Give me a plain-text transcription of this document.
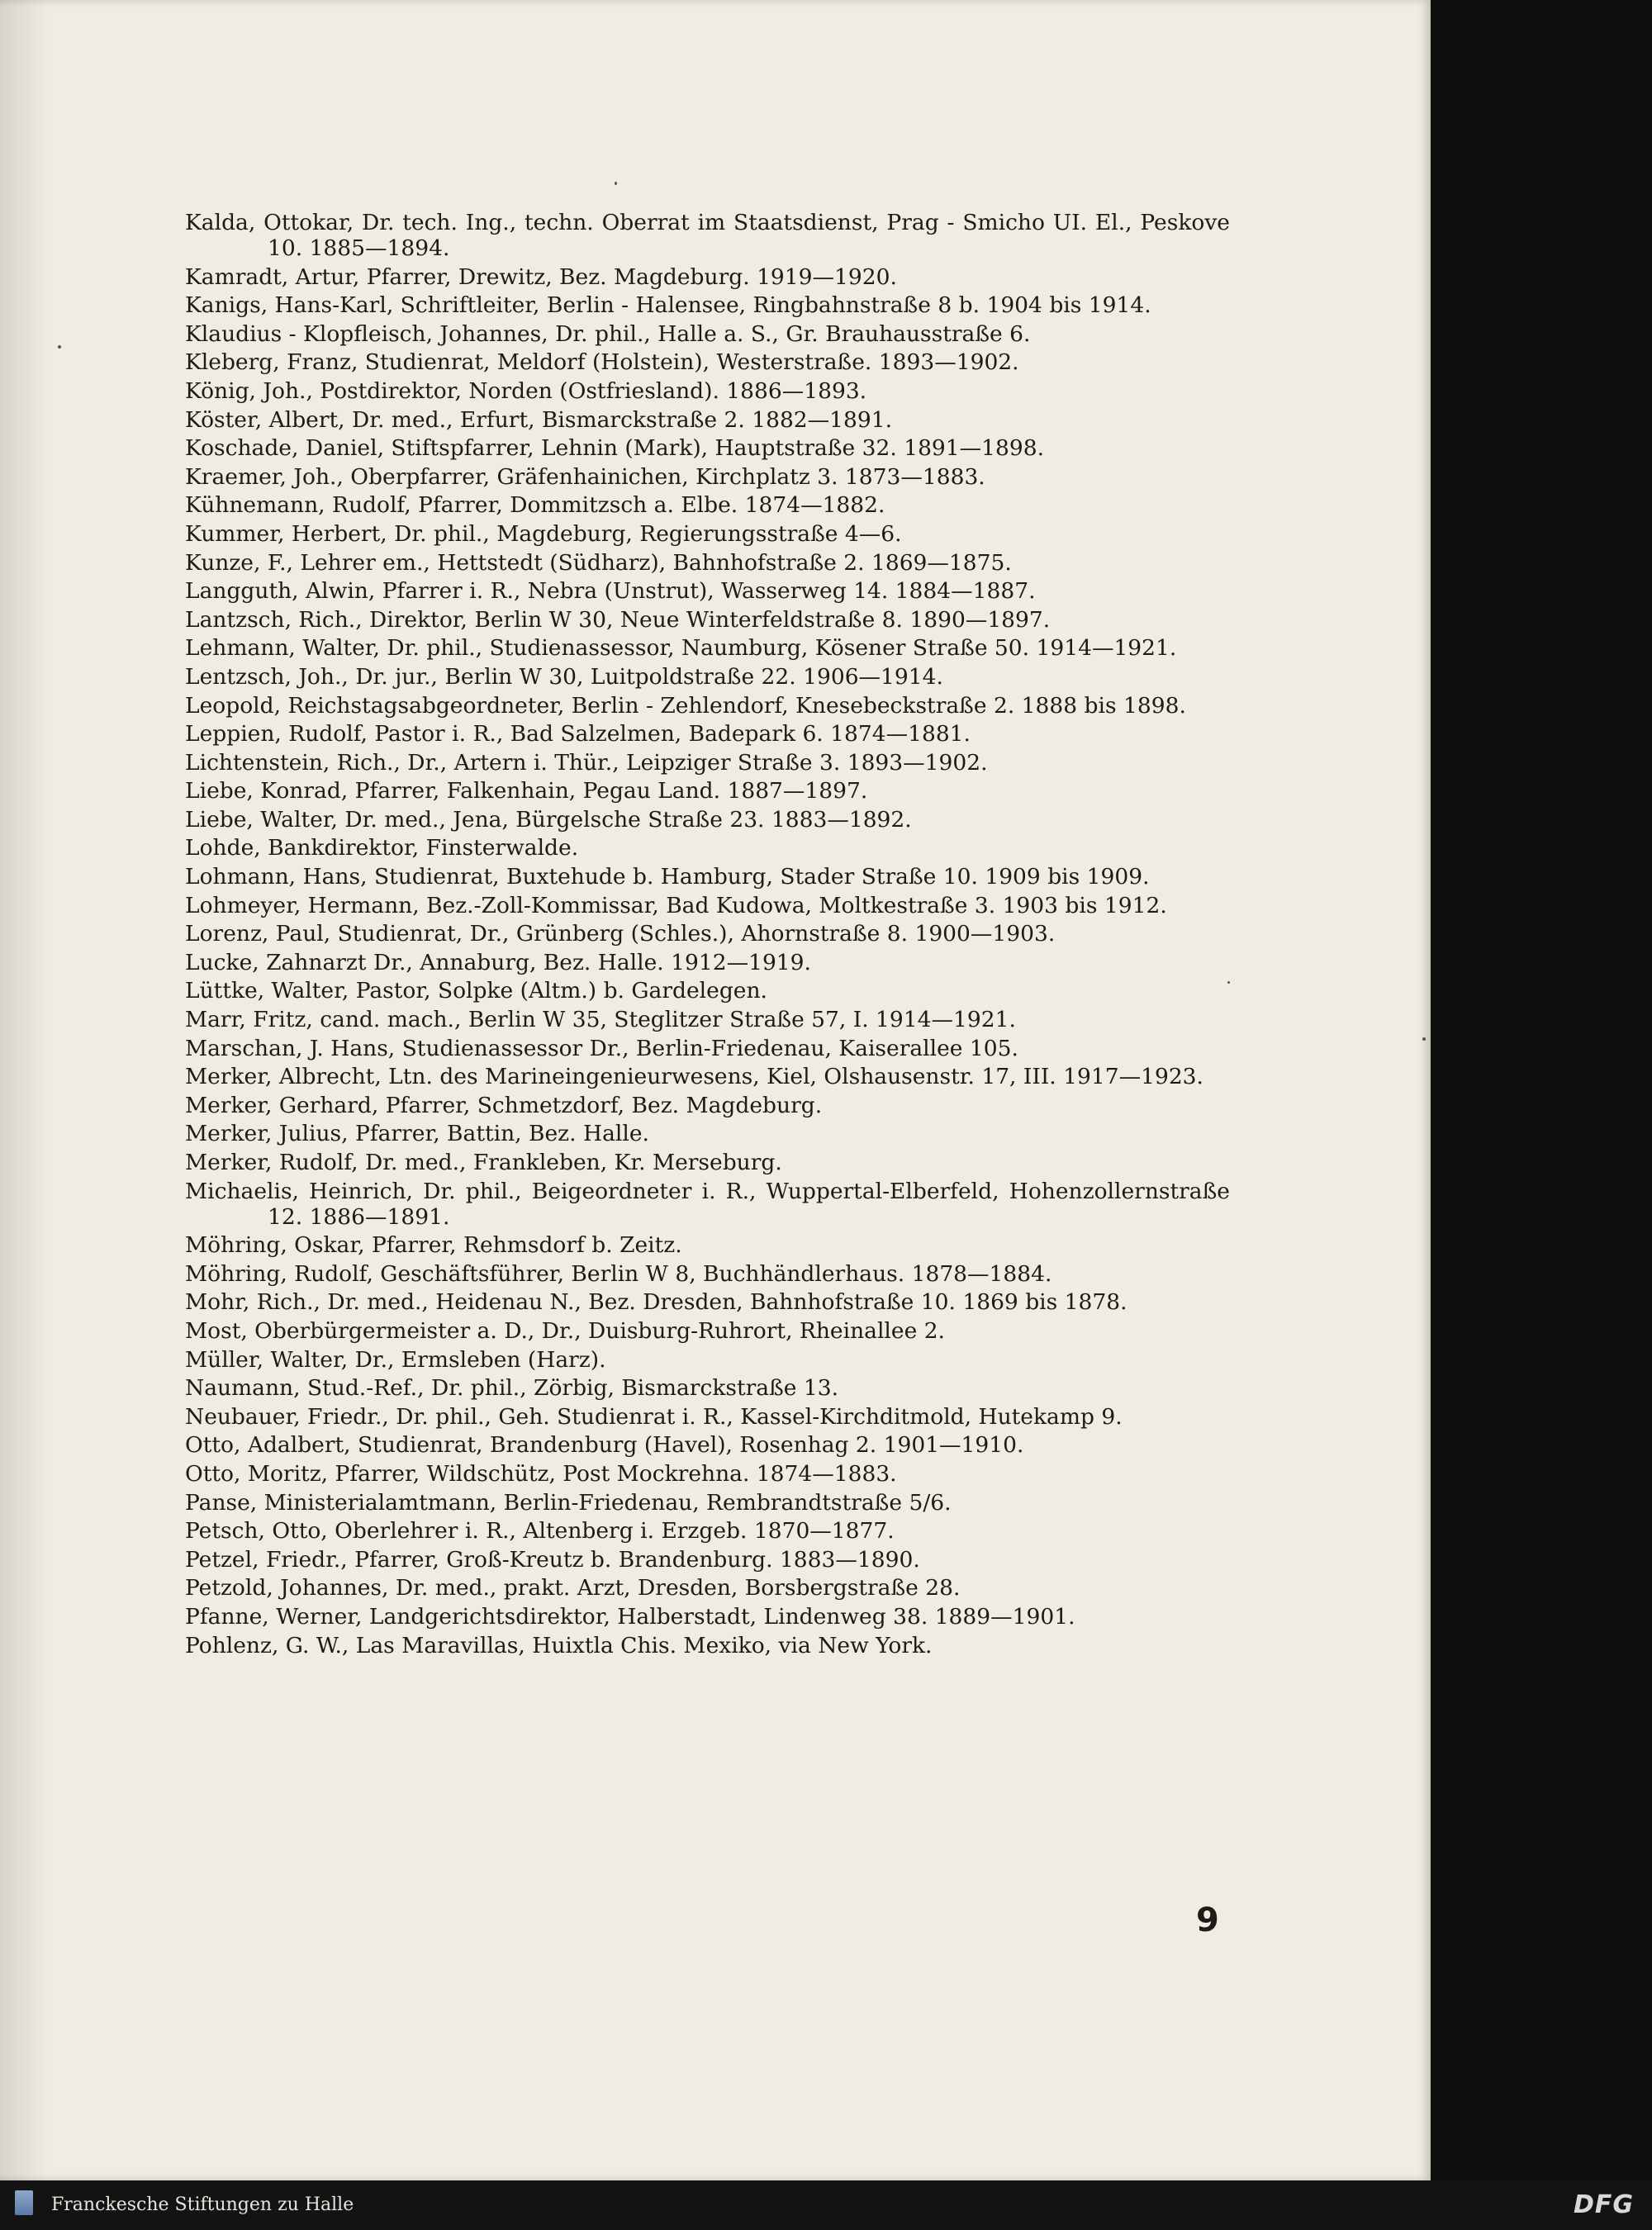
Kalda, Ottokar, Dr. tech. Ing., techn. Oberrat im Staatsdienst, Prag - Smicho UI. El., Peskove 10. 1885—1894.
Kamradt, Artur, Pfarrer, Drewitz, Bez. Magdeburg. 1919—1920.
Kanigs, Hans-Karl, Schriftleiter, Berlin - Halensee, Ringbahnstraße 8 b. 1904 bis 1914.
Klaudius - Klopfleisch, Johannes, Dr. phil., Halle a. S., Gr. Brauhausstraße 6.
Kleberg, Franz, Studienrat, Meldorf (Holstein), Westerstraße. 1893—1902.
König, Joh., Postdirektor, Norden (Ostfriesland). 1886—1893.
Köster, Albert, Dr. med., Erfurt, Bismarckstraße 2. 1882—1891.
Koschade, Daniel, Stiftspfarrer, Lehnin (Mark), Hauptstraße 32. 1891—1898.
Kraemer, Joh., Oberpfarrer, Gräfenhainichen, Kirchplatz 3. 1873—1883.
Kühnemann, Rudolf, Pfarrer, Dommitzsch a. Elbe. 1874—1882.
Kummer, Herbert, Dr. phil., Magdeburg, Regierungsstraße 4—6.
Kunze, F., Lehrer em., Hettstedt (Südharz), Bahnhofstraße 2. 1869—1875.
Langguth, Alwin, Pfarrer i. R., Nebra (Unstrut), Wasserweg 14. 1884—1887.
Lantzsch, Rich., Direktor, Berlin W 30, Neue Winterfeldstraße 8. 1890—1897.
Lehmann, Walter, Dr. phil., Studienassessor, Naumburg, Kösener Straße 50. 1914—1921.
Lentzsch, Joh., Dr. jur., Berlin W 30, Luitpoldstraße 22. 1906—1914.
Leopold, Reichstagsabgeordneter, Berlin - Zehlendorf, Knesebeckstraße 2. 1888 bis 1898.
Leppien, Rudolf, Pastor i. R., Bad Salzelmen, Badepark 6. 1874—1881.
Lichtenstein, Rich., Dr., Artern i. Thür., Leipziger Straße 3. 1893—1902.
Liebe, Konrad, Pfarrer, Falkenhain, Pegau Land. 1887—1897.
Liebe, Walter, Dr. med., Jena, Bürgelsche Straße 23. 1883—1892.
Lohde, Bankdirektor, Finsterwalde.
Lohmann, Hans, Studienrat, Buxtehude b. Hamburg, Stader Straße 10. 1909 bis 1909.
Lohmeyer, Hermann, Bez.-Zoll-Kommissar, Bad Kudowa, Moltkestraße 3. 1903 bis 1912.
Lorenz, Paul, Studienrat, Dr., Grünberg (Schles.), Ahornstraße 8. 1900—1903.
Lucke, Zahnarzt Dr., Annaburg, Bez. Halle. 1912—1919.
Lüttke, Walter, Pastor, Solpke (Altm.) b. Gardelegen.
Marr, Fritz, cand. mach., Berlin W 35, Steglitzer Straße 57, I. 1914—1921.
Marschan, J. Hans, Studienassessor Dr., Berlin-Friedenau, Kaiserallee 105.
Merker, Albrecht, Ltn. des Marineingenieurwesens, Kiel, Olshausenstr. 17, III. 1917—1923.
Merker, Gerhard, Pfarrer, Schmetzdorf, Bez. Magdeburg.
Merker, Julius, Pfarrer, Battin, Bez. Halle.
Merker, Rudolf, Dr. med., Frankleben, Kr. Merseburg.
Michaelis, Heinrich, Dr. phil., Beigeordneter i. R., Wuppertal-Elberfeld, Hohenzollernstraße 12. 1886—1891.
Möhring, Oskar, Pfarrer, Rehmsdorf b. Zeitz.
Möhring, Rudolf, Geschäftsführer, Berlin W 8, Buchhändlerhaus. 1878—1884.
Mohr, Rich., Dr. med., Heidenau N., Bez. Dresden, Bahnhofstraße 10. 1869 bis 1878.
Most, Oberbürgermeister a. D., Dr., Duisburg-Ruhrort, Rheinallee 2.
Müller, Walter, Dr., Ermsleben (Harz).
Naumann, Stud.-Ref., Dr. phil., Zörbig, Bismarckstraße 13.
Neubauer, Friedr., Dr. phil., Geh. Studienrat i. R., Kassel-Kirchditmold, Hutekamp 9.
Otto, Adalbert, Studienrat, Brandenburg (Havel), Rosenhag 2. 1901—1910.
Otto, Moritz, Pfarrer, Wildschütz, Post Mockrehna. 1874—1883.
Panse, Ministerialamtmann, Berlin-Friedenau, Rembrandtstraße 5/6.
Petsch, Otto, Oberlehrer i. R., Altenberg i. Erzgeb. 1870—1877.
Petzel, Friedr., Pfarrer, Groß-Kreutz b. Brandenburg. 1883—1890.
Petzold, Johannes, Dr. med., prakt. Arzt, Dresden, Borsbergstraße 28.
Pfanne, Werner, Landgerichtsdirektor, Halberstadt, Lindenweg 38. 1889—1901.
Pohlenz, G. W., Las Maravillas, Huixtla Chis. Mexiko, via New York.
9
Franckesche Stiftungen zu Halle	DFG
